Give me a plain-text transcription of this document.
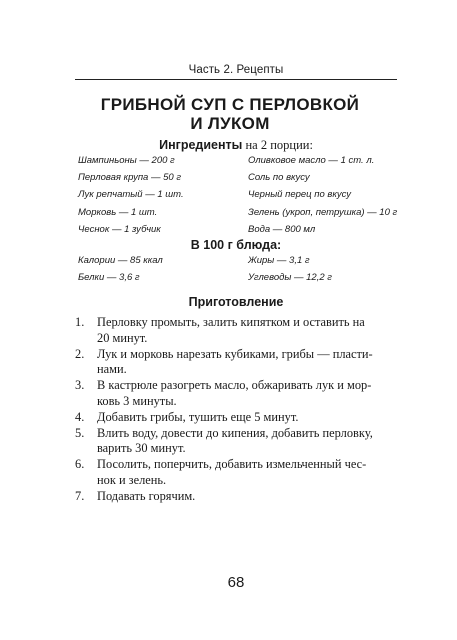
Часть 2. Рецепты
ГРИБНОЙ СУП С ПЕРЛОВКОЙ
И ЛУКОМ
Ингредиенты на 2 порции:
Шампиньоны — 200 г	Оливковое масло — 1 ст. л.
Перловая крупа — 50 г	Соль по вкусу
Лук репчатый — 1 шт.	Черный перец по вкусу
Морковь — 1 шт.	Зелень (укроп, петрушка) — 10 г
Чеснок — 1 зубчик	Вода — 800 мл
В 100 г блюда:
Калории — 85 ккал	Жиры — 3,1 г
Белки — 3,6 г	Углеводы — 12,2 г
Приготовление
1. Перловку промыть, залить кипятком и оставить на
20 минут.
2. Лук и морковь нарезать кубиками, грибы — пласти-
нами.
3. В кастрюле разогреть масло, обжаривать лук и мор-
ковь 3 минуты.
4. Добавить грибы, тушить еще 5 минут.
5. Влить воду, довести до кипения, добавить перловку,
варить 30 минут.
6. Посолить, поперчить, добавить измельченный чес-
нок и зелень.
7. Подавать горячим.
68
